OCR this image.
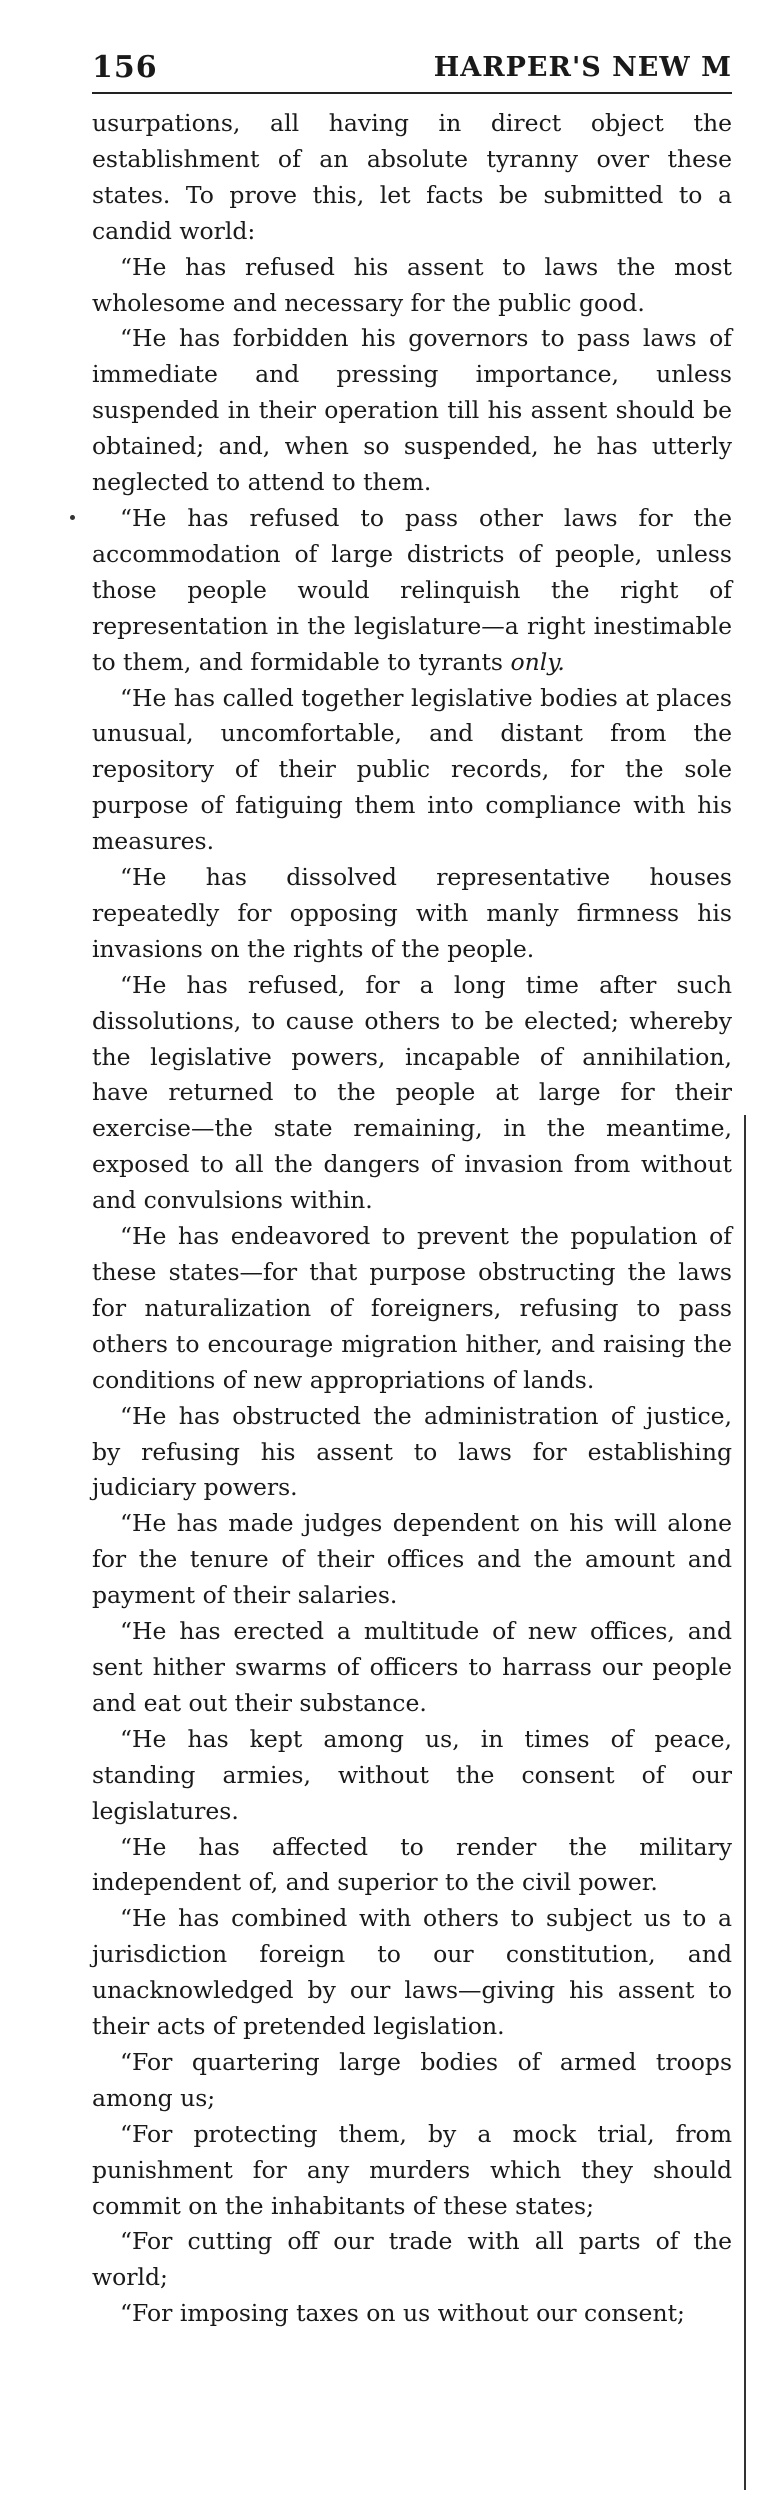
156	HARPER'S NEW M

usurpations, all having in direct object the establishment of an absolute tyranny over these states. To prove this, let facts be submitted to a candid world:

“He has refused his assent to laws the most wholesome and necessary for the public good.

“He has forbidden his governors to pass laws of immediate and pressing importance, unless suspended in their operation till his assent should be obtained; and, when so suspended, he has utterly neglected to attend to them.

“He has refused to pass other laws for the accommodation of large districts of people, unless those people would relinquish the right of representation in the legislature—a right inestimable to them, and formidable to tyrants only.

“He has called together legislative bodies at places unusual, uncomfortable, and distant from the repository of their public records, for the sole purpose of fatiguing them into compliance with his measures.

“He has dissolved representative houses repeatedly for opposing with manly firmness his invasions on the rights of the people.

“He has refused, for a long time after such dissolutions, to cause others to be elected; whereby the legislative powers, incapable of annihilation, have returned to the people at large for their exercise—the state remaining, in the meantime, exposed to all the dangers of invasion from without and convulsions within.

“He has endeavored to prevent the population of these states—for that purpose obstructing the laws for naturalization of foreigners, refusing to pass others to encourage migration hither, and raising the conditions of new appropriations of lands.

“He has obstructed the administration of justice, by refusing his assent to laws for establishing judiciary powers.

“He has made judges dependent on his will alone for the tenure of their offices and the amount and payment of their salaries.

“He has erected a multitude of new offices, and sent hither swarms of officers to harrass our people and eat out their substance.

“He has kept among us, in times of peace, standing armies, without the consent of our legislatures.

“He has affected to render the military independent of, and superior to the civil power.

“He has combined with others to subject us to a jurisdiction foreign to our constitution, and unacknowledged by our laws—giving his assent to their acts of pretended legislation.

“For quartering large bodies of armed troops among us;

“For protecting them, by a mock trial, from punishment for any murders which they should commit on the inhabitants of these states;

“For cutting off our trade with all parts of the world;

“For imposing taxes on us without our consent;
